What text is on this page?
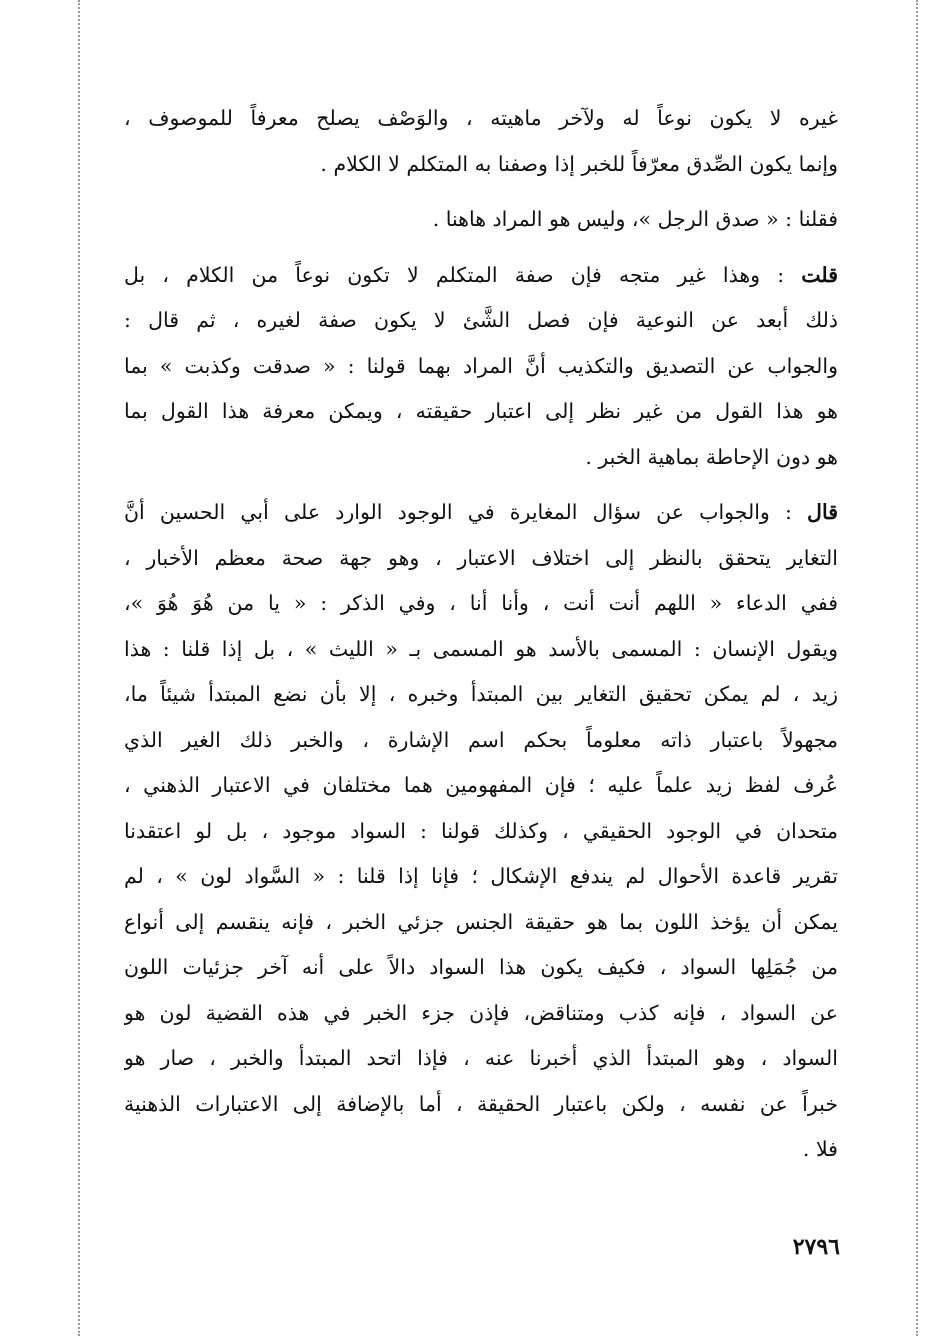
غيره لا يكون نوعاً له ولآخر ماهيته ، والوَصْف يصلح معرفاً للموصوف ،
وإنما يكون الصِّدق معرّفاً للخبر إذا وصفنا به المتكلم لا الكلام .
فقلنا : « صدق الرجل »، وليس هو المراد هاهنا .
قلت : وهذا غير متجه فإن صفة المتكلم لا تكون نوعاً من الكلام ، بل
ذلك أبعد عن النوعية فإن فصل الشَّئ لا يكون صفة لغيره ، ثم قال :
والجواب عن التصديق والتكذيب أنَّ المراد بهما قولنا : « صدقت وكذبت » بما
هو هذا القول من غير نظر إلى اعتبار حقيقته ، ويمكن معرفة هذا القول بما
هو دون الإحاطة بماهية الخبر .
قال : والجواب عن سؤال المغايرة في الوجود الوارد على أبي الحسين أنَّ
التغاير يتحقق بالنظر إلى اختلاف الاعتبار ، وهو جهة صحة معظم الأخبار ،
ففي الدعاء « اللهم أنت أنت ، وأنا أنا ، وفي الذكر : « يا من هُوَ هُوَ »،
ويقول الإنسان : المسمى بالأسد هو المسمى بـ « الليث » ، بل إذا قلنا : هذا
زيد ، لم يمكن تحقيق التغاير بين المبتدأ وخبره ، إلا بأن نضع المبتدأ شيئاً ما،
مجهولاً باعتبار ذاته معلوماً بحكم اسم الإشارة ، والخبر ذلك الغير الذي
عُرف لفظ زيد علماً عليه ؛ فإن المفهومين هما مختلفان في الاعتبار الذهني ،
متحدان في الوجود الحقيقي ، وكذلك قولنا : السواد موجود ، بل لو اعتقدنا
تقرير قاعدة الأحوال لم يندفع الإشكال ؛ فإنا إذا قلنا : « السَّواد لون » ، لم
يمكن أن يؤخذ اللون بما هو حقيقة الجنس جزئي الخبر ، فإنه ينقسم إلى أنواع
من جُمَلِها السواد ، فكيف يكون هذا السواد دالاً على أنه آخر جزئيات اللون
عن السواد ، فإنه كذب ومتناقض، فإذن جزء الخبر في هذه القضية لون هو
السواد ، وهو المبتدأ الذي أخبرنا عنه ، فإذا اتحد المبتدأ والخبر ، صار هو
خبراً عن نفسه ، ولكن باعتبار الحقيقة ، أما بالإضافة إلى الاعتبارات الذهنية
فلا .
٢٧٩٦
